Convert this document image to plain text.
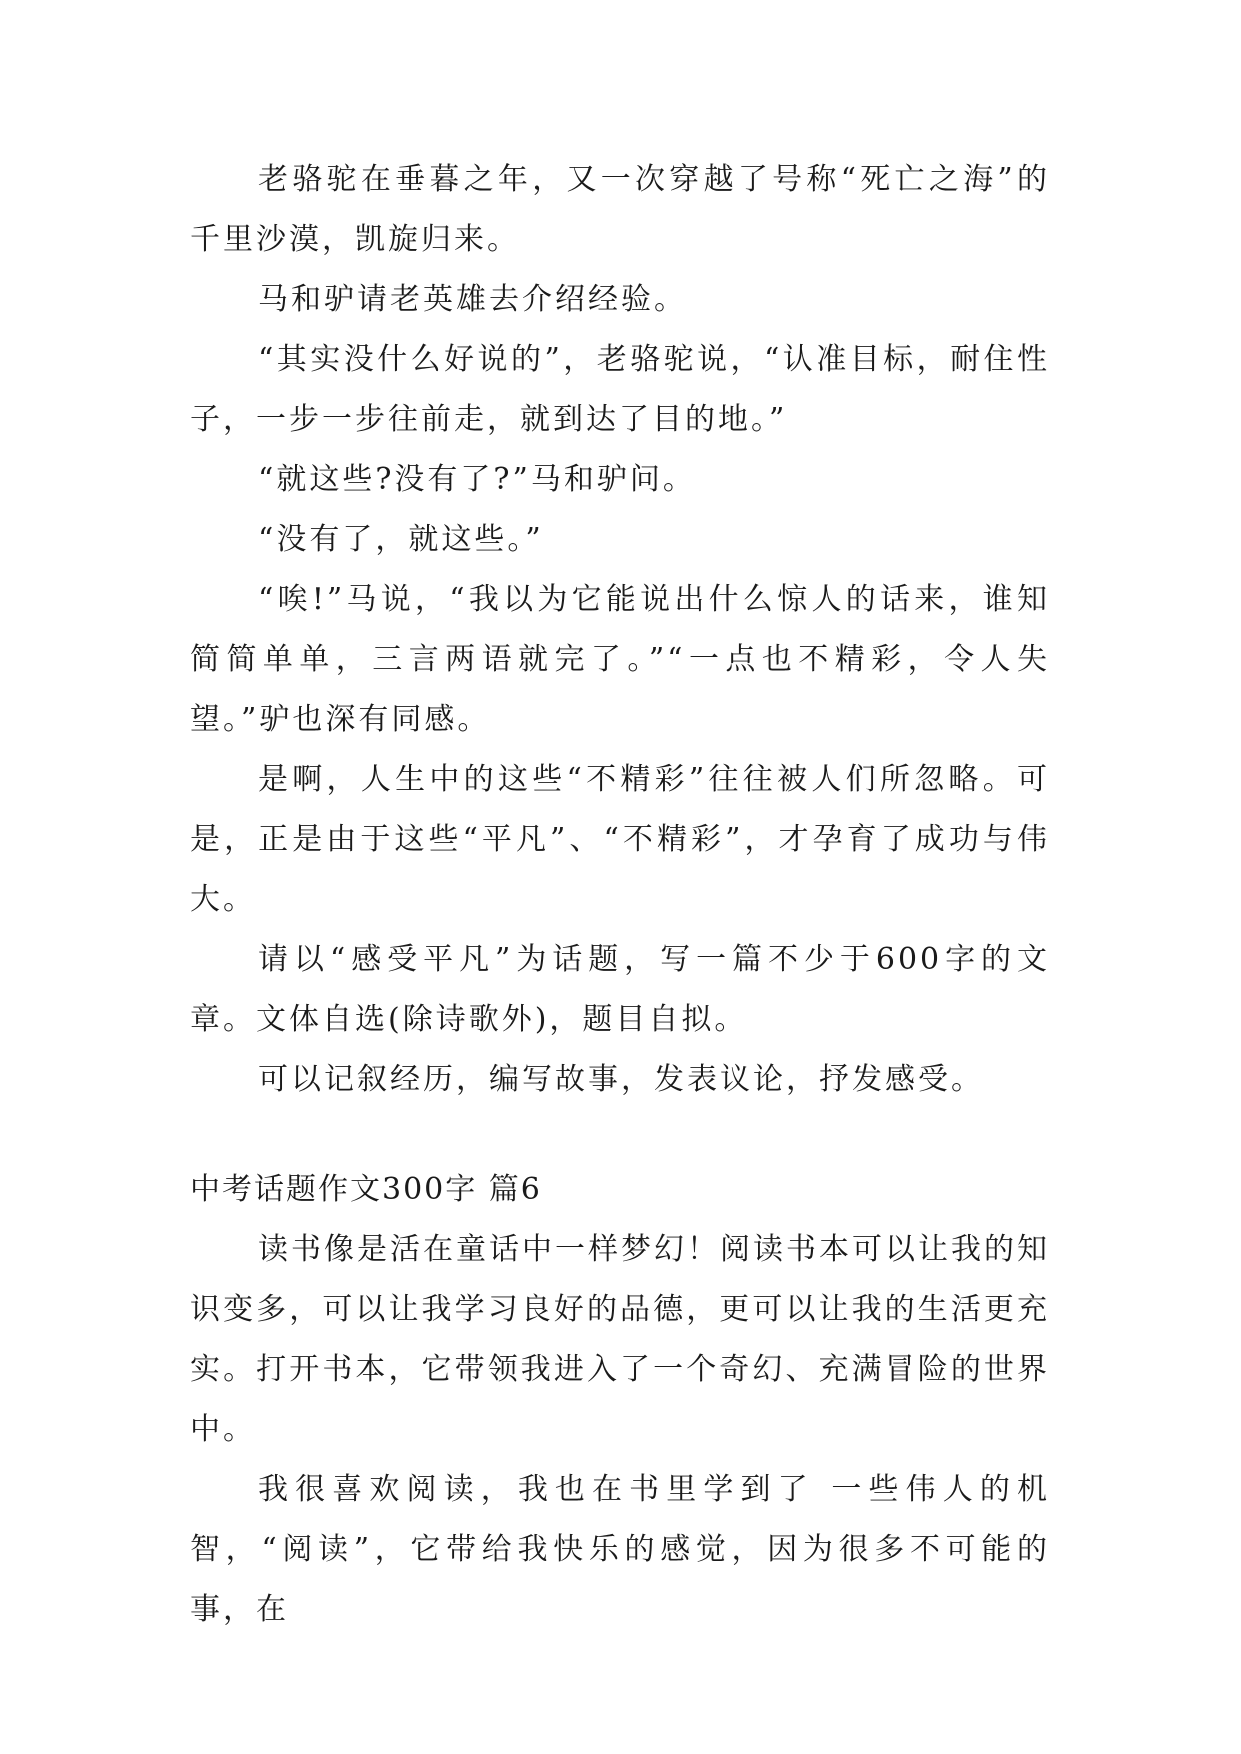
老骆驼在垂暮之年，又一次穿越了号称“死亡之海”的千里沙漠，凯旋归来。

马和驴请老英雄去介绍经验。

“其实没什么好说的”，老骆驼说，“认准目标，耐住性子，一步一步往前走，就到达了目的地。”

“就这些?没有了?”马和驴问。

“没有了，就这些。”

“唉!”马说，“我以为它能说出什么惊人的话来，谁知简简单单，三言两语就完了。”“一点也不精彩，令人失望。”驴也深有同感。

是啊，人生中的这些“不精彩”往往被人们所忽略。可是，正是由于这些“平凡”、“不精彩”，才孕育了成功与伟大。

请以“感受平凡”为话题，写一篇不少于600字的文章。文体自选(除诗歌外)，题目自拟。

可以记叙经历，编写故事，发表议论，抒发感受。

中考话题作文300字 篇6

读书像是活在童话中一样梦幻！阅读书本可以让我的知识变多，可以让我学习良好的品德，更可以让我的生活更充实。打开书本，它带领我进入了一个奇幻、充满冒险的世界中。

我很喜欢阅读，我也在书里学到了 一些伟人的机智，“阅读”，它带给我快乐的感觉，因为很多不可能的事，在
